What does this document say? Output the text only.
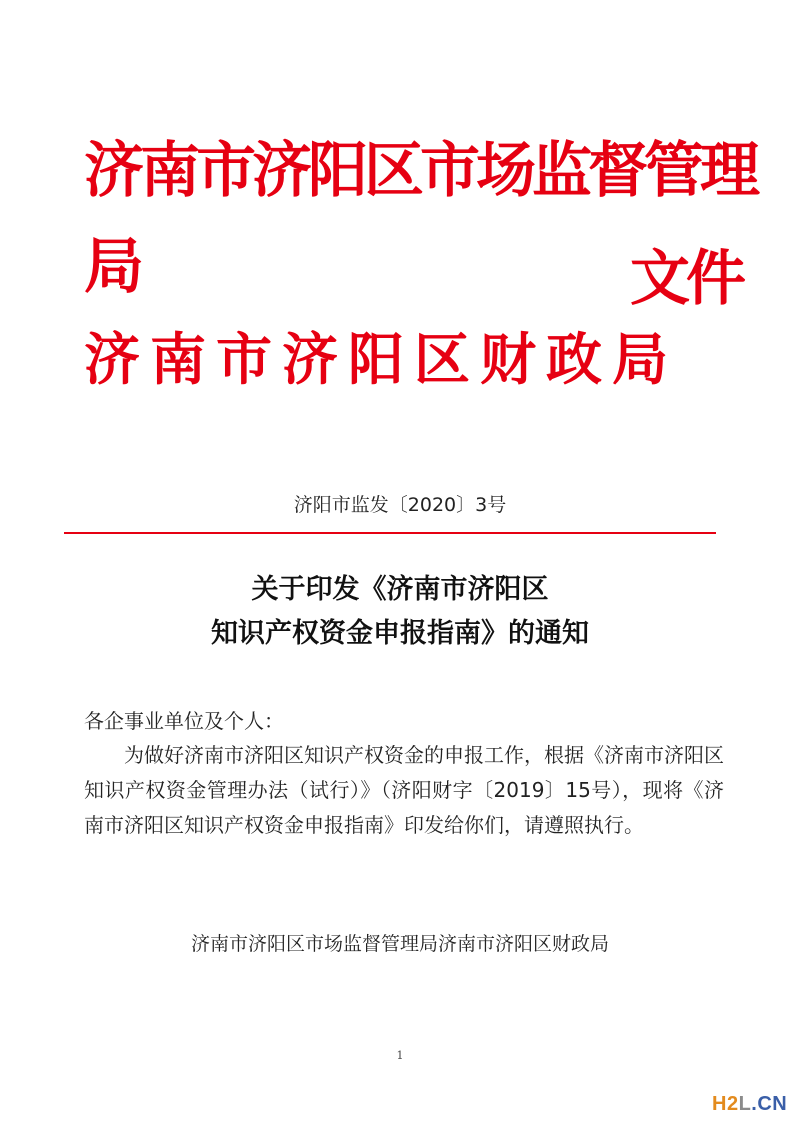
济南市济阳区市场监督管理
局
济南市济阳区财政局
文件
济阳市监发〔2020〕3号
关于印发《济南市济阳区
知识产权资金申报指南》的通知
各企事业单位及个人：
为做好济南市济阳区知识产权资金的申报工作，根据《济南市济阳区知识产权资金管理办法（试行）》（济阳财字〔2019〕15号），现将《济南市济阳区知识产权资金申报指南》印发给你们，请遵照执行。
济南市济阳区市场监督管理局济南市济阳区财政局
1
H2L.CN
